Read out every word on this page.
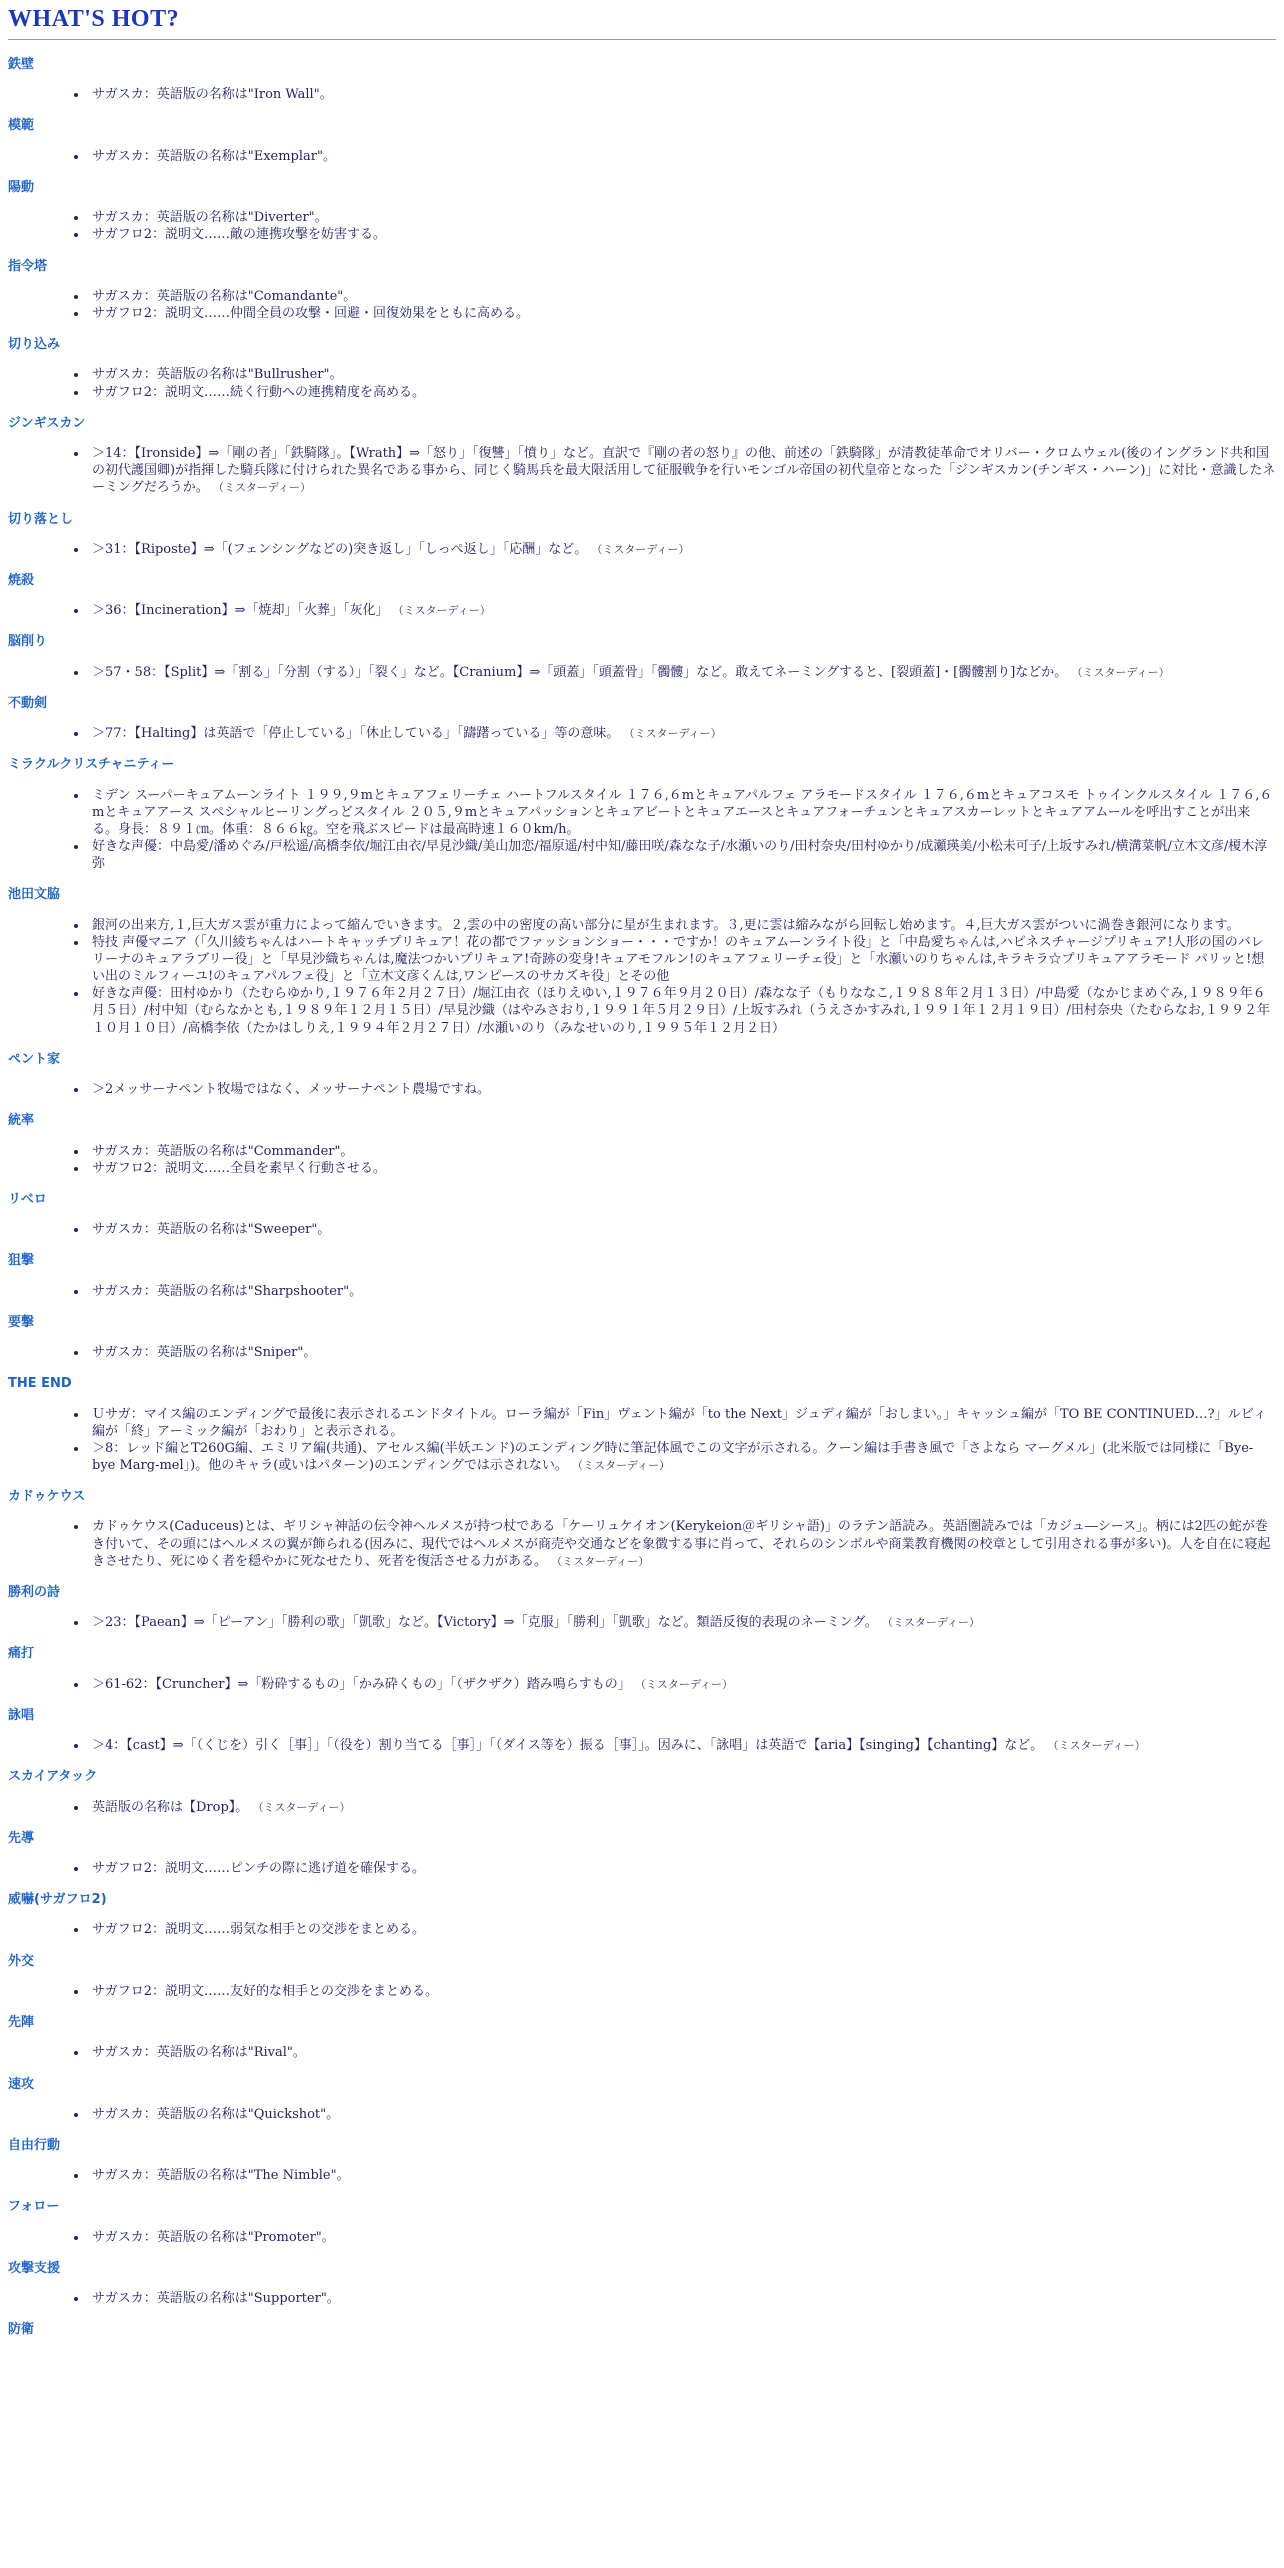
WHAT'S HOT?
鉄壁
• サガスカ：英語版の名称は"Iron Wall"。
模範
• サガスカ：英語版の名称は"Exemplar"。
陽動
• サガスカ：英語版の名称は"Diverter"。
• サガフロ2：説明文……敵の連携攻撃を妨害する。
指令塔
• サガスカ：英語版の名称は"Comandante"。
• サガフロ2：説明文……仲間全員の攻撃・回避・回復効果をともに高める。
切り込み
• サガスカ：英語版の名称は"Bullrusher"。
• サガフロ2：説明文……続く行動への連携精度を高める。
ジンギスカン
• ＞14：【Ironside】⇒「剛の者」「鉄騎隊」。【Wrath】⇒「怒り」「復讐」「憤り」など。直訳で『剛の者の怒り』の他、前述の「鉄騎隊」が清教徒革命でオリバー・クロムウェル(後のイングランド共和国の初代護国卿)が指揮した騎兵隊に付けられた異名である事から、同じく騎馬兵を最大限活用して征服戦争を行いモンゴル帝国の初代皇帝となった「ジンギスカン(チンギス・ハーン)」に対比・意識したネーミングだろうか。 （ミスターディー）
切り落とし
• ＞31：【Riposte】⇒「(フェンシングなどの)突き返し」「しっぺ返し」「応酬」など。 （ミスターディー）
焼殺
• ＞36：【Incineration】⇒「焼却」「火葬」「灰化」 （ミスターディー）
脳削り
• ＞57・58：【Split】⇒「割る」「分割（する）」「裂く」など。【Cranium】⇒「頭蓋」「頭蓋骨」「髑髏」など。敢えてネーミングすると、[裂頭蓋]・[髑髏割り]などか。 （ミスターディー）
不動剣
• ＞77：【Halting】は英語で「停止している」「休止している」「躊躇っている」等の意味。 （ミスターディー）
ミラクルクリスチャニティー
• ミデン スーパーキュアムーンライト １９９,９mとキュアフェリーチェ ハートフルスタイル １７６,６mとキュアパルフェ アラモードスタイル １７６,６mとキュアコスモ トゥインクルスタイル １７６,６mとキュアアース スペシャルヒーリングっどスタイル ２０５,９mとキュアパッションとキュアビートとキュアエースとキュアフォーチュンとキュアスカーレットとキュアアムールを呼出すことが出来る。身長：８９１㎝。体重：８６６㎏。空を飛ぶスピードは最高時速１６０km/h。
• 好きな声優：中島愛/潘めぐみ/戸松遥/高橋李依/堀江由衣/早見沙織/美山加恋/福原遥/村中知/藤田咲/森なな子/水瀬いのり/田村奈央/田村ゆかり/成瀬瑛美/小松未可子/上坂すみれ/横溝菜帆/立木文彦/榎木淳弥
池田文脇
• 銀河の出来方,１,巨大ガス雲が重力によって縮んでいきます。２,雲の中の密度の高い部分に星が生まれます。３,更に雲は縮みながら回転し始めます。４,巨大ガス雲がついに渦巻き銀河になります。
• 特技 声優マニア（「久川綾ちゃんはハートキャッチプリキュア！花の都でファッションショー・・・ですか！のキュアムーンライト役」と「中島愛ちゃんは,ハピネスチャージプリキュア!人形の国のバレリーナのキュアラブリー役」と「早見沙織ちゃんは,魔法つかいプリキュア!奇跡の変身!キュアモフルン!のキュアフェリーチェ役」と「水瀬いのりちゃんは,キラキラ☆プリキュアアラモード パリッと!想い出のミルフィーユ!のキュアパルフェ役」と「立木文彦くんは,ワンピースのサカズキ役」とその他
• 好きな声優：田村ゆかり（たむらゆかり,１９７６年２月２７日）/堀江由衣（ほりえゆい,１９７６年９月２０日）/森なな子（もりななこ,１９８８年２月１３日）/中島愛（なかじまめぐみ,１９８９年６月５日）/村中知（むらなかとも,１９８９年１２月１５日）/早見沙織（はやみさおり,１９９１年５月２９日）/上坂すみれ（うえさかすみれ,１９９１年１２月１９日）/田村奈央（たむらなお,１９９２年１０月１０日）/高橋李依（たかはしりえ,１９９４年２月２７日）/水瀬いのり（みなせいのり,１９９５年１２月２日）
ペント家
• ＞2メッサーナペント牧場ではなく、メッサーナペント農場ですね。
統率
• サガスカ：英語版の名称は"Commander"。
• サガフロ2：説明文……全員を素早く行動させる。
リベロ
• サガスカ：英語版の名称は"Sweeper"。
狙撃
• サガスカ：英語版の名称は"Sharpshooter"。
要撃
• サガスカ：英語版の名称は"Sniper"。
THE END
• Ｕサガ：マイス編のエンディングで最後に表示されるエンドタイトル。ローラ編が「Fin」ヴェント編が「to the Next」ジュディ編が「おしまい。」キャッシュ編が「TO BE CONTINUED…?」ルビィ編が「終」アーミック編が「おわり」と表示される。
• ＞8：レッド編とT260G編、エミリア編(共通)、アセルス編(半妖エンド)のエンディング時に筆記体風でこの文字が示される。クーン編は手書き風で「さよなら マーグメル」(北米版では同様に「Bye-bye Marg-mel」)。他のキャラ(或いはパターン)のエンディングでは示されない。 （ミスターディー）
カドゥケウス
• カドゥケウス(Caduceus)とは、ギリシャ神話の伝令神ヘルメスが持つ杖である「ケーリュケイオン(Kerykeion＠ギリシャ語)」のラテン語読み。英語圏読みでは「カジュ―シース」。柄には2匹の蛇が巻き付いて、その頭にはヘルメスの翼が飾られる(因みに、現代ではヘルメスが商売や交通などを象徴する事に肖って、それらのシンボルや商業教育機関の校章として引用される事が多い)。人を自在に寝起きさせたり、死にゆく者を穏やかに死なせたり、死者を復活させる力がある。 （ミスターディー）
勝利の詩
• ＞23：【Paean】⇒「ピーアン」「勝利の歌」「凱歌」など。【Victory】⇒「克服」「勝利」「凱歌」など。類語反復的表現のネーミング。 （ミスターディー）
痛打
• ＞61-62：【Cruncher】⇒「粉砕するもの」「かみ砕くもの」「（ザクザク）踏み鳴らすもの」 （ミスターディー）
詠唱
• ＞4：【cast】⇒「（くじを）引く［事］」「（役を）割り当てる［事］」「（ダイス等を）振る［事］」。因みに、「詠唱」は英語で【aria】【singing】【chanting】など。 （ミスターディー）
スカイアタック
• 英語版の名称は【Drop】。 （ミスターディー）
先導
• サガフロ2：説明文……ピンチの際に逃げ道を確保する。
威嚇(サガフロ2)
• サガフロ2：説明文……弱気な相手との交渉をまとめる。
外交
• サガフロ2：説明文……友好的な相手との交渉をまとめる。
先陣
• サガスカ：英語版の名称は"Rival"。
速攻
• サガスカ：英語版の名称は"Quickshot"。
自由行動
• サガスカ：英語版の名称は"The Nimble"。
フォロー
• サガスカ：英語版の名称は"Promoter"。
攻撃支援
• サガスカ：英語版の名称は"Supporter"。
防衛
